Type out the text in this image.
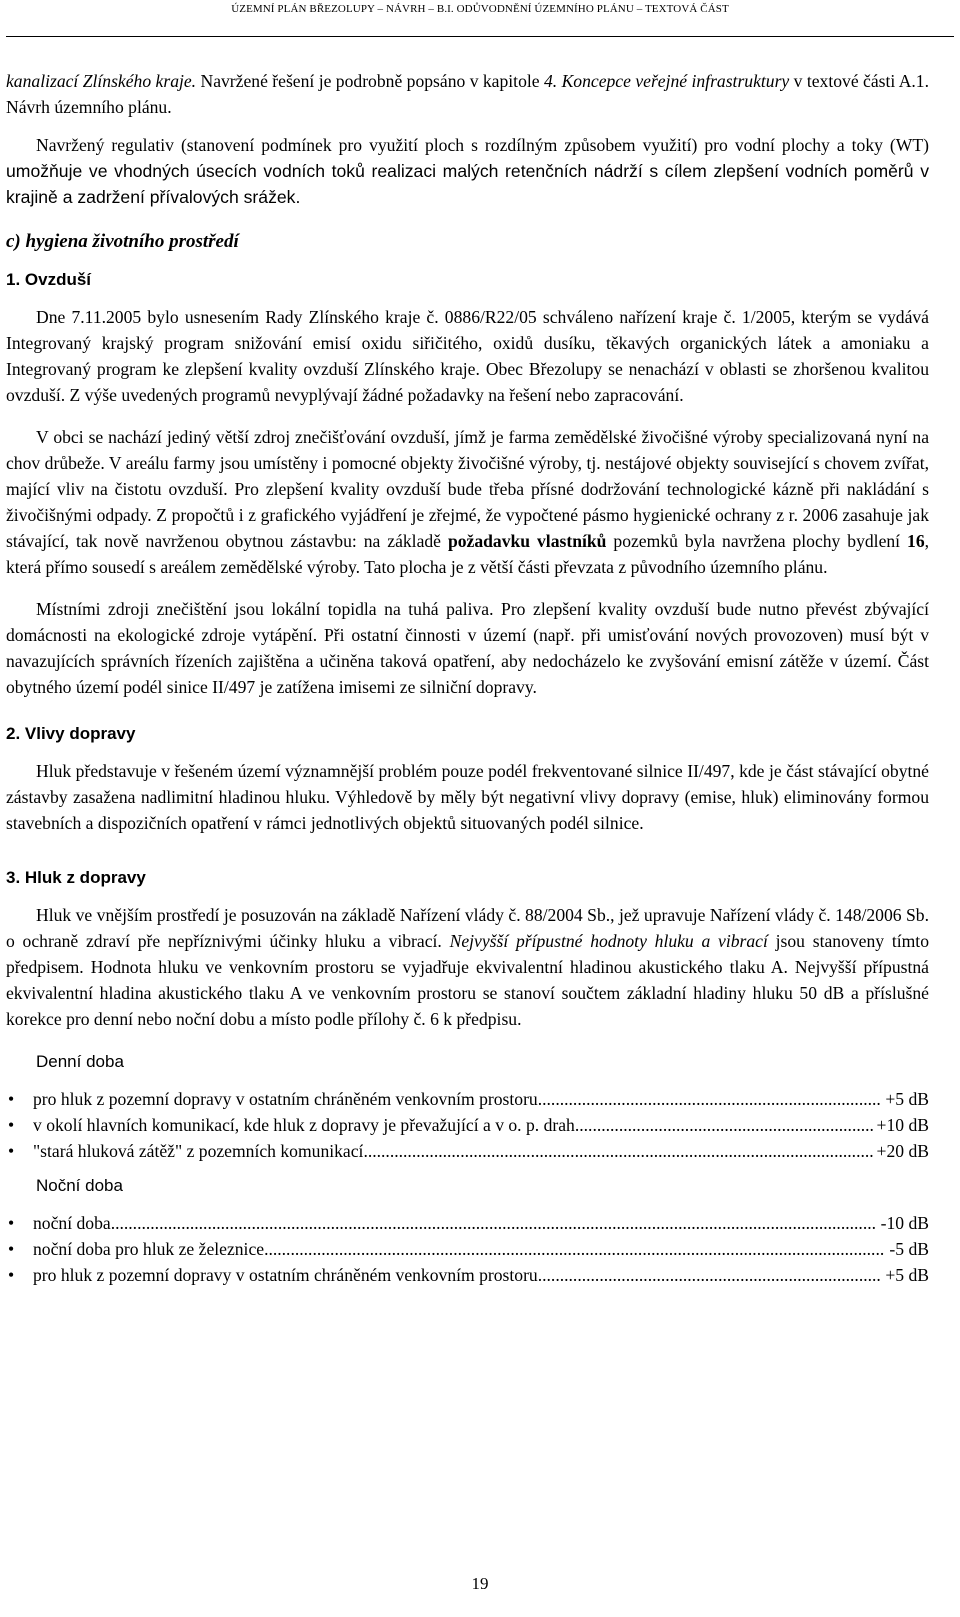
ÚZEMNÍ PLÁN BŘEZOLUPY – NÁVRH – B.I. ODŮVODNĚNÍ ÚZEMNÍHO PLÁNU – TEXTOVÁ ČÁST

kanalizací Zlínského kraje. Navržené řešení je podrobně popsáno v kapitole 4. Koncepce veřejné infrastruktury v textové části A.1. Návrh územního plánu.

Navržený regulativ (stanovení podmínek pro využití ploch s rozdílným způsobem využití) pro vodní plochy a toky (WT) umožňuje ve vhodných úsecích vodních toků realizaci malých retenčních nádrží s cílem zlepšení vodních poměrů v krajině a zadržení přívalových srážek.

c) hygiena životního prostředí

1. Ovzduší

Dne 7.11.2005 bylo usnesením Rady Zlínského kraje č. 0886/R22/05 schváleno nařízení kraje č. 1/2005, kterým se vydává Integrovaný krajský program snižování emisí oxidu siřičitého, oxidů dusíku, těkavých organických látek a amoniaku a Integrovaný program ke zlepšení kvality ovzduší Zlínského kraje. Obec Březolupy se nenachází v oblasti se zhoršenou kvalitou ovzduší. Z výše uvedených programů nevyplývají žádné požadavky na řešení nebo zapracování.

V obci se nachází jediný větší zdroj znečišťování ovzduší, jímž je farma zemědělské živočišné výroby specializovaná nyní na chov drůbeže. V areálu farmy jsou umístěny i pomocné objekty živočišné výroby, tj. nestájové objekty související s chovem zvířat, mající vliv na čistotu ovzduší. Pro zlepšení kvality ovzduší bude třeba přísné dodržování technologické kázně při nakládání s živočišnými odpady. Z propočtů i z grafického vyjádření je zřejmé, že vypočtené pásmo hygienické ochrany z r. 2006 zasahuje jak stávající, tak nově navrženou obytnou zástavbu: na základě požadavku vlastníků pozemků byla navržena plochy bydlení 16, která přímo sousedí s areálem zemědělské výroby. Tato plocha je z větší části převzata z původního územního plánu.

Místními zdroji znečištění jsou lokální topidla na tuhá paliva. Pro zlepšení kvality ovzduší bude nutno převést zbývající domácnosti na ekologické zdroje vytápění. Při ostatní činnosti v území (např. při umisťování nových provozoven) musí být v navazujících správních řízeních zajištěna a učiněna taková opatření, aby nedocházelo ke zvyšování emisní zátěže v území. Část obytného území podél sinice II/497 je zatížena imisemi ze silniční dopravy.

2. Vlivy dopravy

Hluk představuje v řešeném území významnější problém pouze podél frekventované silnice II/497, kde je část stávající obytné zástavby zasažena nadlimitní hladinou hluku. Výhledově by měly být negativní vlivy dopravy (emise, hluk) eliminovány formou stavebních a dispozičních opatření v rámci jednotlivých objektů situovaných podél silnice.

3. Hluk z dopravy

Hluk ve vnějším prostředí je posuzován na základě Nařízení vlády č. 88/2004 Sb., jež upravuje Nařízení vlády č. 148/2006 Sb. o ochraně zdraví pře nepříznivými účinky hluku a vibrací. Nejvyšší přípustné hodnoty hluku a vibrací jsou stanoveny tímto předpisem. Hodnota hluku ve venkovním prostoru se vyjadřuje ekvivalentní hladinou akustického tlaku A. Nejvyšší přípustná ekvivalentní hladina akustického tlaku A ve venkovním prostoru se stanoví součtem základní hladiny hluku 50 dB a příslušné korekce pro denní nebo noční dobu a místo podle přílohy č. 6 k předpisu.

Denní doba

• pro hluk z pozemní dopravy v ostatním chráněném venkovním prostoru .....	+5 dB
• v okolí hlavních komunikací, kde hluk z dopravy je převažující a v o. p. drah .....	+10 dB
• "stará hluková zátěž" z pozemních komunikací .....	+20 dB

Noční doba

• noční doba .....	-10 dB
• noční doba pro hluk ze železnice .....	-5 dB
• pro hluk z pozemní dopravy v ostatním chráněném venkovním prostoru .....	+5 dB
19
